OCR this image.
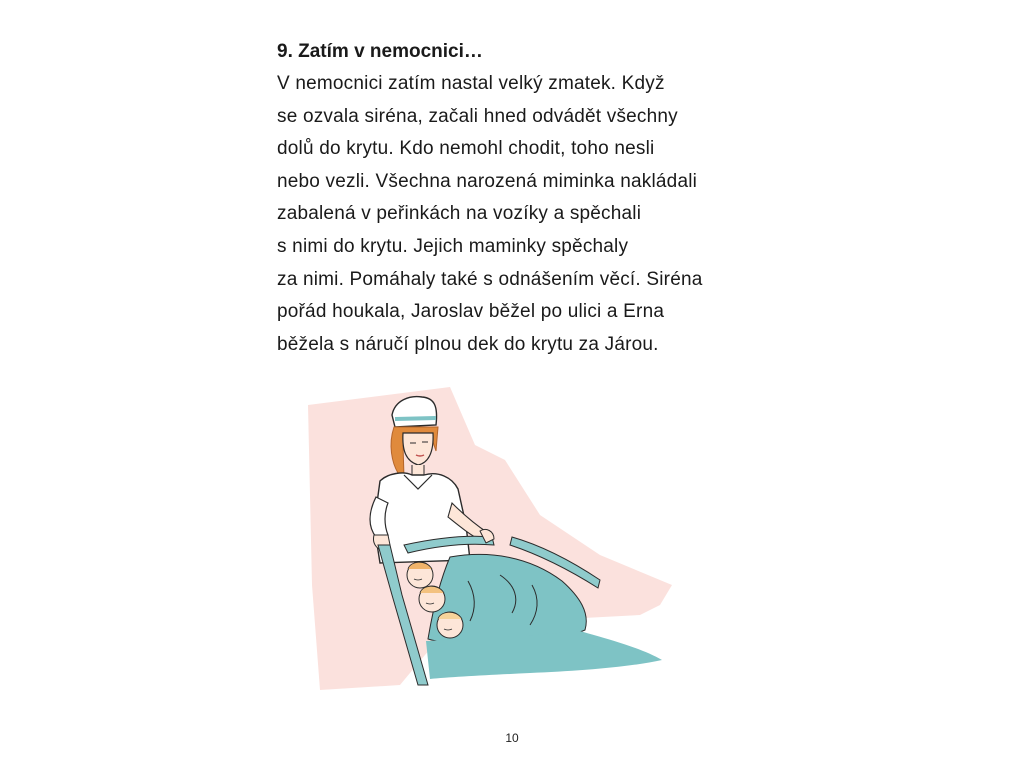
9. Zatím v nemocnici…

V nemocnici zatím nastal velký zmatek. Když

se ozvala siréna, začali hned odvádět všechny

dolů do krytu. Kdo nemohl chodit, toho nesli

nebo vezli. Všechna narozená miminka nakládali

zabalená v peřinkách na vozíky a spěchali

s nimi do krytu. Jejich maminky spěchaly

za nimi. Pomáhaly také s odnášením věcí. Siréna

pořád houkala, Jaroslav běžel po ulici a Erna

běžela s náručí plnou dek do krytu za Járou.

10
